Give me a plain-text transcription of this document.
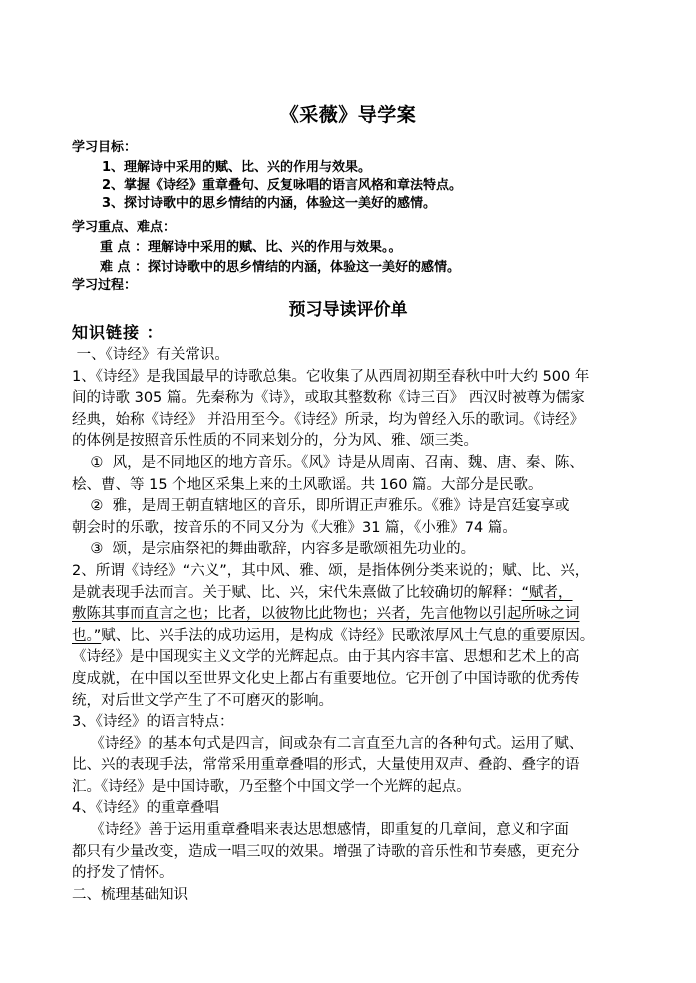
《采薇》导学案
学习目标：
1、理解诗中采用的赋、比、兴的作用与效果。
2、掌握《诗经》重章叠句、反复咏唱的语言风格和章法特点。
3、探讨诗歌中的思乡情结的内涵，体验这一美好的感情。
学习重点、难点：
重 点 ：理解诗中采用的赋、比、兴的作用与效果。。
难 点 ：探讨诗歌中的思乡情结的内涵，体验这一美好的感情。
学习过程：
预习导读评价单
知识链接 ：
一、《诗经》有关常识。
1、《诗经》是我国最早的诗歌总集。它收集了从西周初期至春秋中叶大约 500 年
间的诗歌 305 篇。先秦称为《诗》，或取其整数称《诗三百》 西汉时被尊为儒家
经典，始称《诗经》 并沿用至今。《诗经》所录，均为曾经入乐的歌词。《诗经》
的体例是按照音乐性质的不同来划分的，分为风、雅、颂三类。
①  风，是不同地区的地方音乐。《风》诗是从周南、召南、魏、唐、秦、陈、
桧、曹、等 15 个地区采集上来的土风歌谣。共 160 篇。大部分是民歌。
②  雅，是周王朝直辖地区的音乐，即所谓正声雅乐。《雅》诗是宫廷宴享或
朝会时的乐歌，按音乐的不同又分为《大雅》31 篇，《小雅》74 篇。
③  颂，是宗庙祭祀的舞曲歌辞，内容多是歌颂祖先功业的。
2、所谓《诗经》“六义”，其中风、雅、颂，是指体例分类来说的；赋、比、兴，
是就表现手法而言。关于赋、比、兴，宋代朱熹做了比较确切的解释：“赋者，
敷陈其事而直言之也；比者，以彼物比此物也；兴者，先言他物以引起所咏之词
也。”赋、比、兴手法的成功运用，是构成《诗经》民歌浓厚风土气息的重要原因。
《诗经》是中国现实主义文学的光辉起点。由于其内容丰富、思想和艺术上的高
度成就，在中国以至世界文化史上都占有重要地位。它开创了中国诗歌的优秀传
统，对后世文学产生了不可磨灭的影响。
3、《诗经》的语言特点：
《诗经》的基本句式是四言，间或杂有二言直至九言的各种句式。运用了赋、
比、兴的表现手法，常常采用重章叠唱的形式，大量使用双声、叠韵、叠字的语
汇。《诗经》是中国诗歌，乃至整个中国文学一个光辉的起点。
4、《诗经》的重章叠唱
《诗经》善于运用重章叠唱来表达思想感情，即重复的几章间，意义和字面
都只有少量改变，造成一唱三叹的效果。增强了诗歌的音乐性和节奏感，更充分
的抒发了情怀。
二、梳理基础知识
